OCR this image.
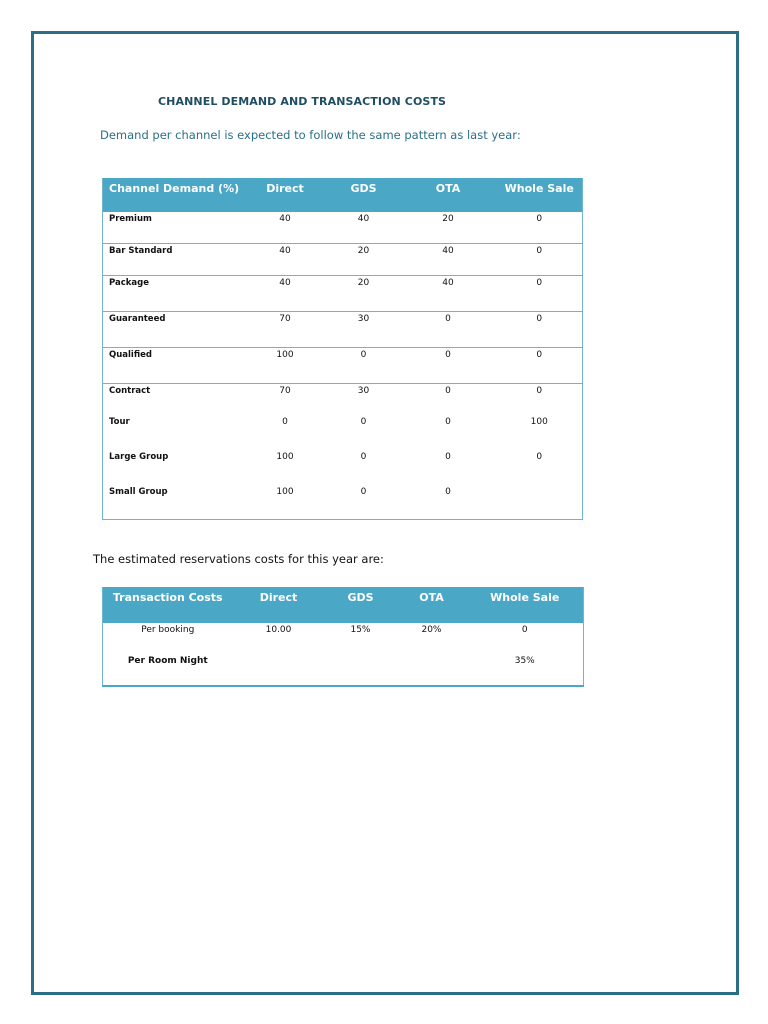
CHANNEL DEMAND AND TRANSACTION COSTS
Demand per channel is expected to follow the same pattern as last year:
Channel Demand (%)	Direct	GDS	OTA	Whole Sale
Premium	40	40	20	0
Bar Standard	40	20	40	0
Package	40	20	40	0
Guaranteed	70	30	0	0
Qualified	100	0	0	0
Contract	70	30	0	0
Tour	0	0	0	100
Large Group	100	0	0	0
Small Group	100	0	0	
The estimated reservations costs for this year are:
Transaction Costs	Direct	GDS	OTA	Whole Sale
Per booking	10.00	15%	20%	0
Per Room Night				35%
